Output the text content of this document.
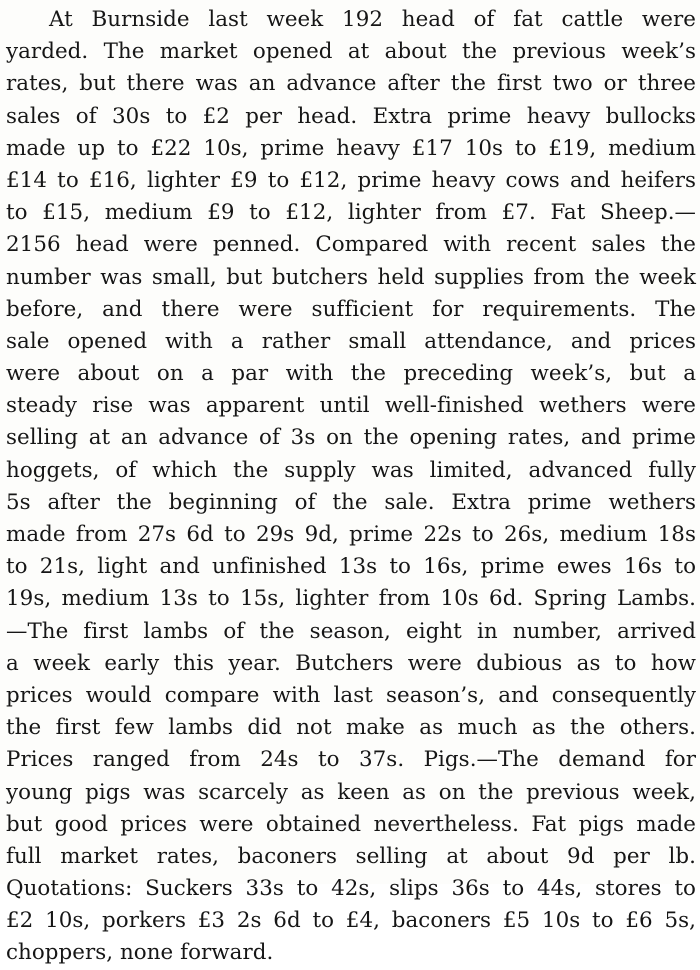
At Burnside last week 192 head of fat cattle were
yarded. The market opened at about the previous week’s
rates, but there was an advance after the first two or three
sales of 30s to £2 per head. Extra prime heavy bullocks
made up to £22 10s, prime heavy £17 10s to £19, medium
£14 to £16, lighter £9 to £12, prime heavy cows and heifers
to £15, medium £9 to £12, lighter from £7. Fat Sheep.—
2156 head were penned. Compared with recent sales the
number was small, but butchers held supplies from the week
before, and there were sufficient for requirements. The
sale opened with a rather small attendance, and prices
were about on a par with the preceding week’s, but a
steady rise was apparent until well-finished wethers were
selling at an advance of 3s on the opening rates, and prime
hoggets, of which the supply was limited, advanced fully
5s after the beginning of the sale. Extra prime wethers
made from 27s 6d to 29s 9d, prime 22s to 26s, medium 18s
to 21s, light and unfinished 13s to 16s, prime ewes 16s to
19s, medium 13s to 15s, lighter from 10s 6d. Spring Lambs.
—The first lambs of the season, eight in number, arrived
a week early this year. Butchers were dubious as to how
prices would compare with last season’s, and consequently
the first few lambs did not make as much as the others.
Prices ranged from 24s to 37s. Pigs.—The demand for
young pigs was scarcely as keen as on the previous week,
but good prices were obtained nevertheless. Fat pigs made
full market rates, baconers selling at about 9d per lb.
Quotations: Suckers 33s to 42s, slips 36s to 44s, stores to
£2 10s, porkers £3 2s 6d to £4, baconers £5 10s to £6 5s,
choppers, none forward.
